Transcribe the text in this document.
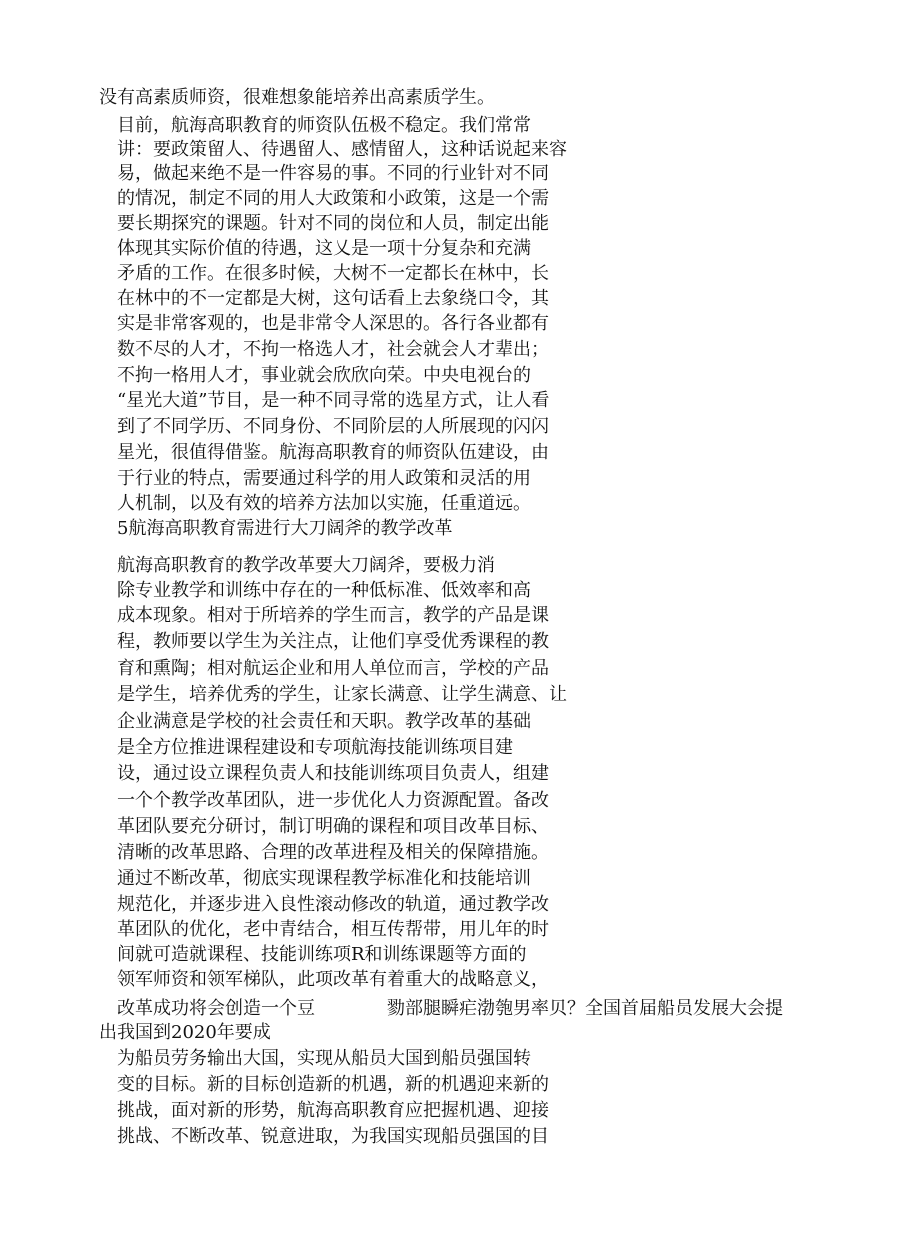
没有高素质师资，很难想象能培养出高素质学生。

目前，航海高职教育的师资队伍极不稳定。我们常常

讲：要政策留人、待遇留人、感情留人，这种话说起来容

易，做起来绝不是一件容易的事。不同的行业针对不同

的情况，制定不同的用人大政策和小政策，这是一个需

要长期探究的课题。针对不同的岗位和人员，制定出能

体现其实际价值的待遇，这乂是一项十分复杂和充满

矛盾的工作。在很多时候，大树不一定都长在林中，长

在林中的不一定都是大树，这句话看上去象绕口令，其

实是非常客观的，也是非常令人深思的。各行各业都有

数不尽的人才，不拘一格选人才，社会就会人才辈出；

不拘一格用人才，事业就会欣欣向荣。中央电视台的

“星光大道”节目，是一种不同寻常的选星方式，让人看

到了不同学历、不同身份、不同阶层的人所展现的闪闪

星光，很值得借鉴。航海高职教育的师资队伍建设，由

于行业的特点，需要通过科学的用人政策和灵活的用

人机制，以及有效的培养方法加以实施，任重道远。

5航海高职教育需进行大刀阔斧的教学改革

航海高职教育的教学改革要大刀阔斧，要极力消

除专业教学和训练中存在的一种低标准、低效率和高

成本现象。相对于所培养的学生而言，教学的产品是课

程，教师要以学生为关注点，让他们享受优秀课程的教

育和熏陶；相对航运企业和用人单位而言，学校的产品

是学生，培养优秀的学生，让家长满意、让学生满意、让

企业满意是学校的社会责任和天职。教学改革的基础

是全方位推进课程建设和专项航海技能训练项目建

设，通过设立课程负责人和技能训练项目负责人，组建

一个个教学改革团队，进一步优化人力资源配置。备改

革团队要充分研讨，制订明确的课程和项目改革目标、

清晰的改革思路、合理的改革进程及相关的保障措施。

通过不断改革，彻底实现课程教学标准化和技能培训

规范化，并逐步进入良性滚动修改的轨道，通过教学改

革团队的优化，老中青结合，相互传帮带，用儿年的时

间就可造就课程、技能训练项R和训练课题等方面的

领军师资和领军梯队，此项改革有着重大的战略意义，

改革成功将会创造一个豆	勠部腿瞬疟渤匏男率贝？全国首届船员发展大会提

出我国到2020年要成

为船员劳务输出大国，实现从船员大国到船员强国转

变的目标。新的目标创造新的机遇，新的机遇迎来新的

挑战，面对新的形势，航海高职教育应把握机遇、迎接

挑战、不断改革、锐意进取，为我国实现船员强国的目
